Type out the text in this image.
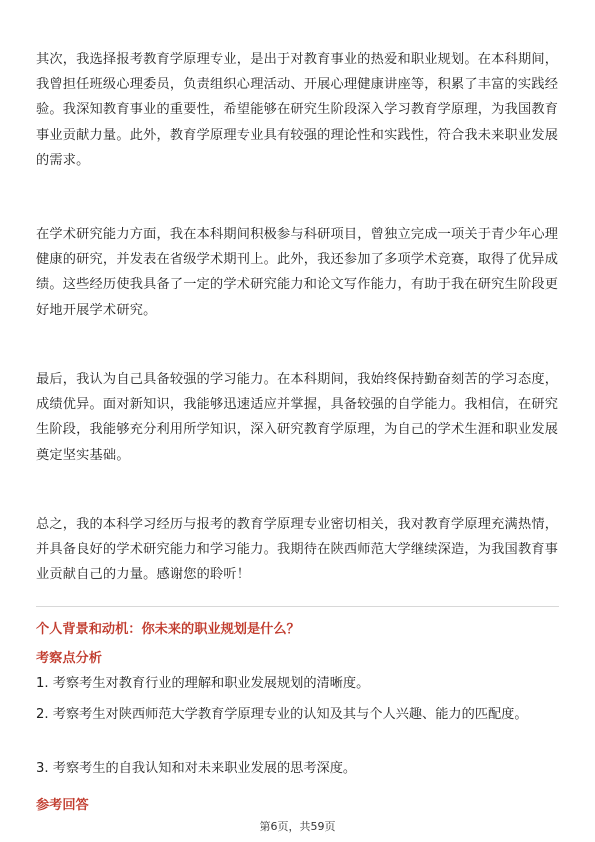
其次，我选择报考教育学原理专业，是出于对教育事业的热爱和职业规划。在本科期间，我曾担任班级心理委员，负责组织心理活动、开展心理健康讲座等，积累了丰富的实践经验。我深知教育事业的重要性，希望能够在研究生阶段深入学习教育学原理，为我国教育事业贡献力量。此外，教育学原理专业具有较强的理论性和实践性，符合我未来职业发展的需求。

在学术研究能力方面，我在本科期间积极参与科研项目，曾独立完成一项关于青少年心理健康的研究，并发表在省级学术期刊上。此外，我还参加了多项学术竞赛，取得了优异成绩。这些经历使我具备了一定的学术研究能力和论文写作能力，有助于我在研究生阶段更好地开展学术研究。

最后，我认为自己具备较强的学习能力。在本科期间，我始终保持勤奋刻苦的学习态度，成绩优异。面对新知识，我能够迅速适应并掌握，具备较强的自学能力。我相信，在研究生阶段，我能够充分利用所学知识，深入研究教育学原理，为自己的学术生涯和职业发展奠定坚实基础。

总之，我的本科学习经历与报考的教育学原理专业密切相关，我对教育学原理充满热情，并具备良好的学术研究能力和学习能力。我期待在陕西师范大学继续深造，为我国教育事业贡献自己的力量。感谢您的聆听！

个人背景和动机：你未来的职业规划是什么？

考察点分析

1. 考察考生对教育行业的理解和职业发展规划的清晰度。

2. 考察考生对陕西师范大学教育学原理专业的认知及其与个人兴趣、能力的匹配度。

3. 考察考生的自我认知和对未来职业发展的思考深度。

参考回答

第6页，共59页
